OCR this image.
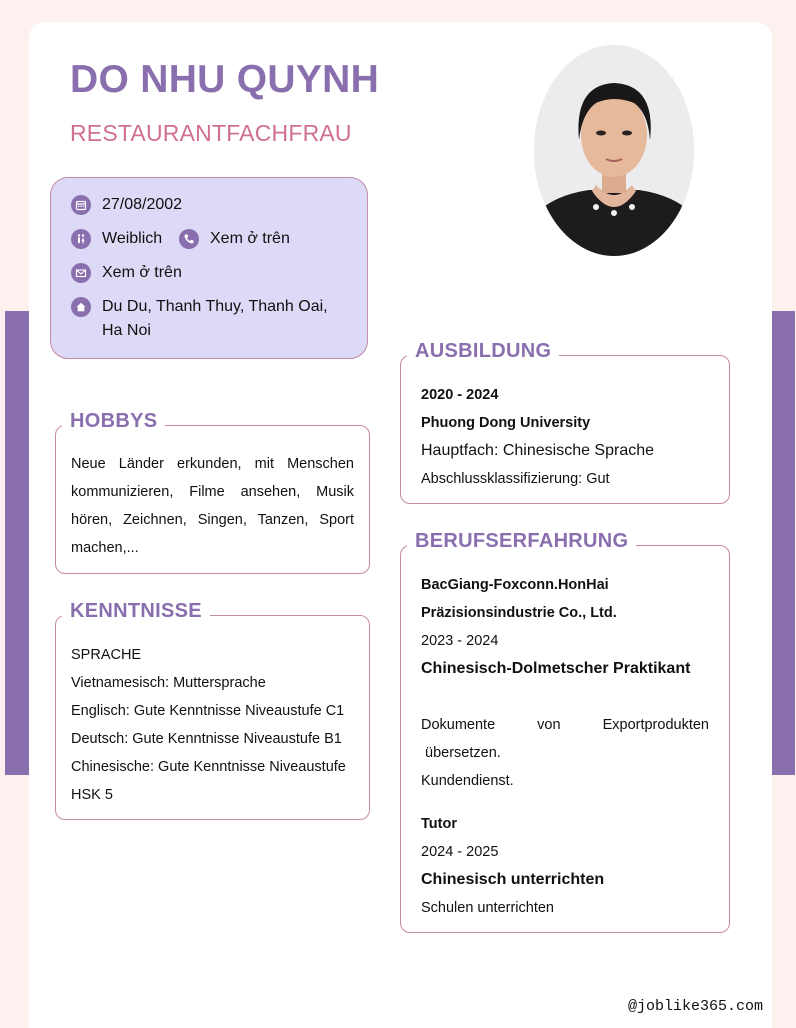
DO NHU QUYNH
RESTAURANTFACHFRAU
27/08/2002
Weiblich	Xem ở trên
Xem ở trên
Du Du, Thanh Thuy, Thanh Oai,
Ha Noi
HOBBYS
Neue Länder erkunden, mit Menschen
kommunizieren, Filme ansehen, Musik
hören, Zeichnen, Singen, Tanzen, Sport
machen,...
KENNTNISSE
SPRACHE
Vietnamesisch: Muttersprache
Englisch: Gute Kenntnisse Niveaustufe C1
Deutsch: Gute Kenntnisse Niveaustufe B1
Chinesische: Gute Kenntnisse Niveaustufe
HSK 5
AUSBILDUNG
2020 - 2024
Phuong Dong University
Hauptfach: Chinesische Sprache
Abschlussklassifizierung: Gut
BERUFSERFAHRUNG
BacGiang-Foxconn.HonHai
Präzisionsindustrie Co., Ltd.
2023 - 2024
Chinesisch-Dolmetscher Praktikant
Dokumente	von	Exportprodukten
übersetzen.
Kundendienst.
Tutor
2024 - 2025
Chinesisch unterrichten
Schulen unterrichten
@joblike365.com
